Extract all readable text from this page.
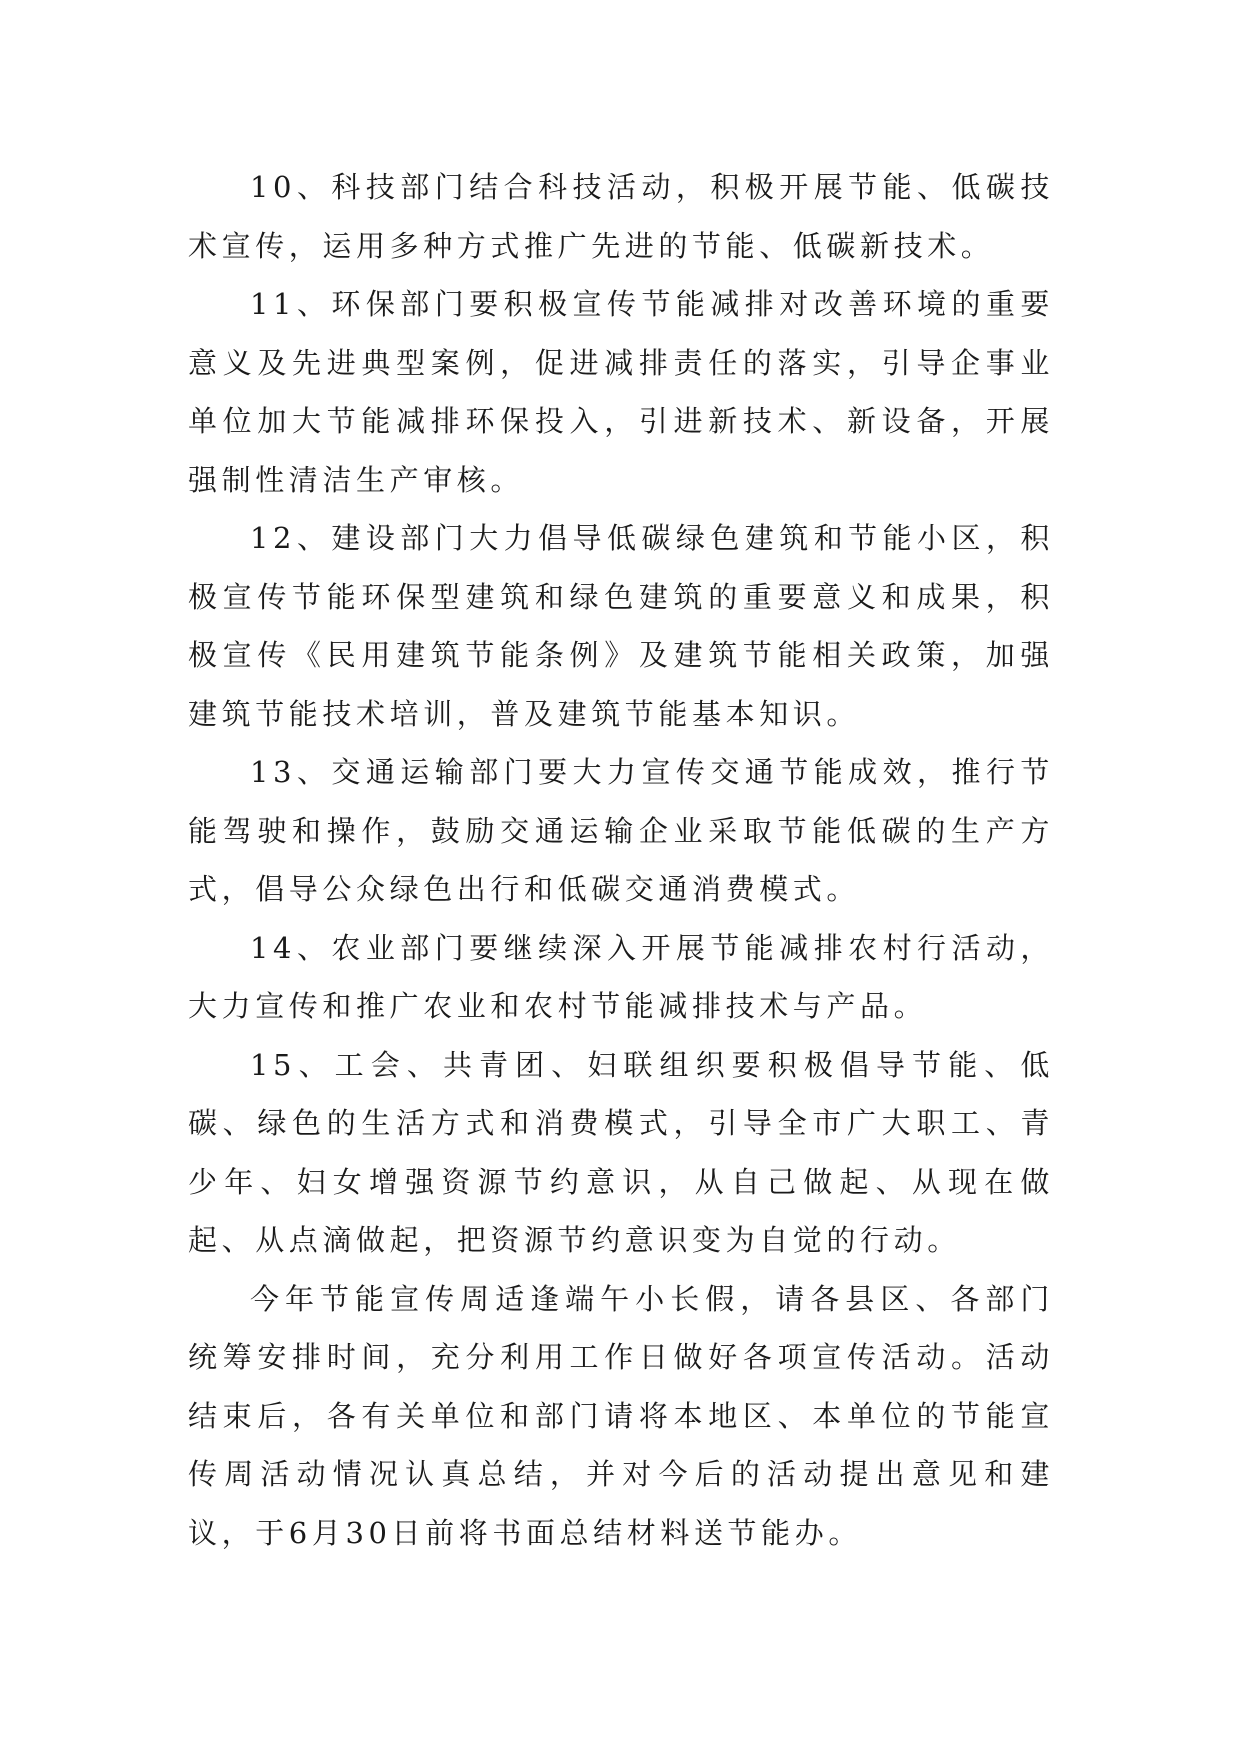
10、科技部门结合科技活动，积极开展节能、低碳技术宣传，运用多种方式推广先进的节能、低碳新技术。

11、环保部门要积极宣传节能减排对改善环境的重要意义及先进典型案例，促进减排责任的落实，引导企事业单位加大节能减排环保投入，引进新技术、新设备，开展强制性清洁生产审核。

12、建设部门大力倡导低碳绿色建筑和节能小区，积极宣传节能环保型建筑和绿色建筑的重要意义和成果，积极宣传《民用建筑节能条例》及建筑节能相关政策，加强建筑节能技术培训，普及建筑节能基本知识。

13、交通运输部门要大力宣传交通节能成效，推行节能驾驶和操作，鼓励交通运输企业采取节能低碳的生产方式，倡导公众绿色出行和低碳交通消费模式。

14、农业部门要继续深入开展节能减排农村行活动，大力宣传和推广农业和农村节能减排技术与产品。

15、工会、共青团、妇联组织要积极倡导节能、低碳、绿色的生活方式和消费模式，引导全市广大职工、青少年、妇女增强资源节约意识，从自己做起、从现在做起、从点滴做起，把资源节约意识变为自觉的行动。

今年节能宣传周适逢端午小长假，请各县区、各部门统筹安排时间，充分利用工作日做好各项宣传活动。活动结束后，各有关单位和部门请将本地区、本单位的节能宣传周活动情况认真总结，并对今后的活动提出意见和建议，于6月30日前将书面总结材料送节能办。
